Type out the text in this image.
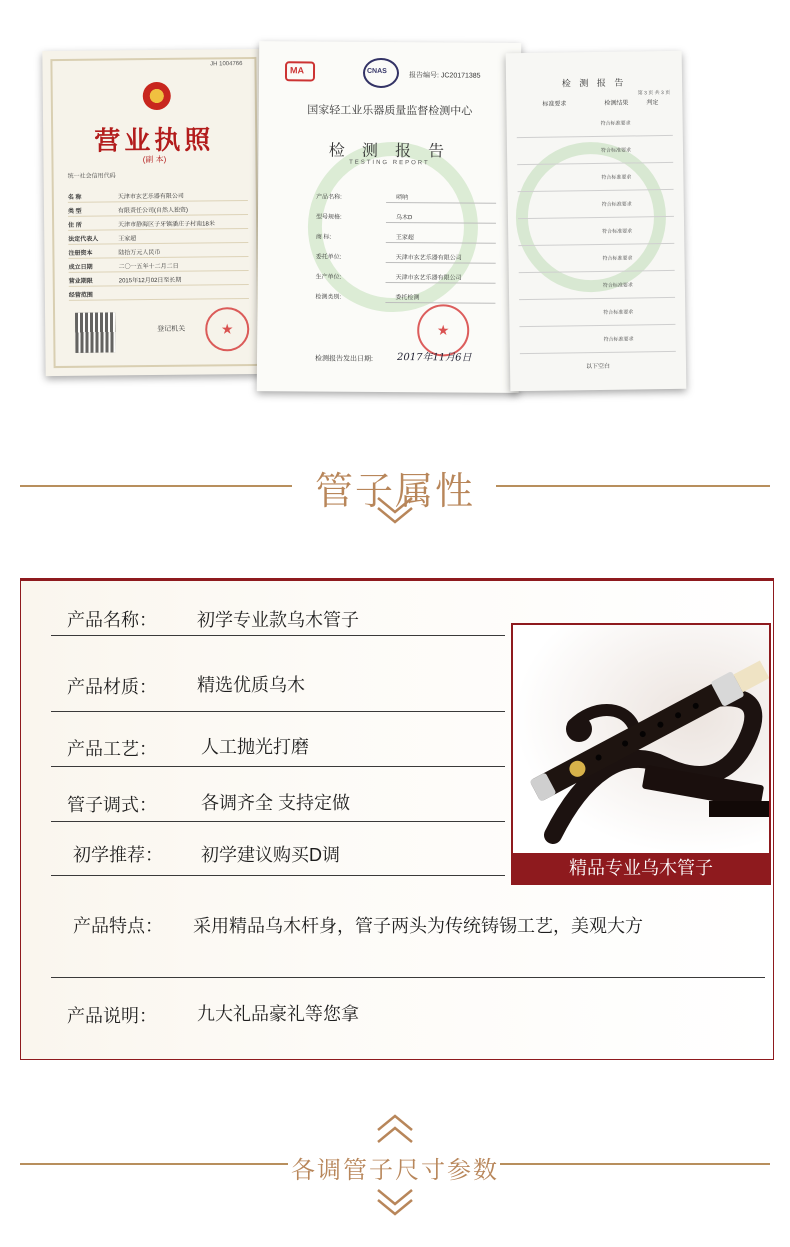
JH 1004766
营业执照
(副 本)
统一社会信用代码
名 称	天津市玄艺乐器有限公司
类 型	有限责任公司(自然人独资)
住 所	天津市静海区子牙镇潘庄子村南18米
法定代表人	王家超
注册资本	陆拾万元人民币
成立日期	二〇一五年十二月二日
营业期限	2015年12月02日至长期
经营范围
登记机关
★
MA	CNAS
报告编号: JC20171385
国家轻工业乐器质量监督检测中心
检 测 报 告
TESTING REPORT
产品名称:	唢呐
型号规格:	乌木D
商 标:	王家超
委托单位:	天津市玄艺乐器有限公司
生产单位:	天津市玄艺乐器有限公司
检测类别:	委托检测
★
检测报告发出日期: 2017年11月6日
检 测 报 告
第 3 页 共 3 页
标准要求	检测结果	判定
符合标准要求
符合标准要求
符合标准要求
符合标准要求
符合标准要求
符合标准要求
符合标准要求
符合标准要求
符合标准要求
以下空白
管子属性
产品名称： 初学专业款乌木管子
产品材质： 精选优质乌木
产品工艺： 人工抛光打磨
管子调式： 各调齐全 支持定做
初学推荐： 初学建议购买D调
产品特点： 采用精品乌木杆身，管子两头为传统铸锡工艺，美观大方
产品说明： 九大礼品豪礼等您拿
精品专业乌木管子
各调管子尺寸参数
